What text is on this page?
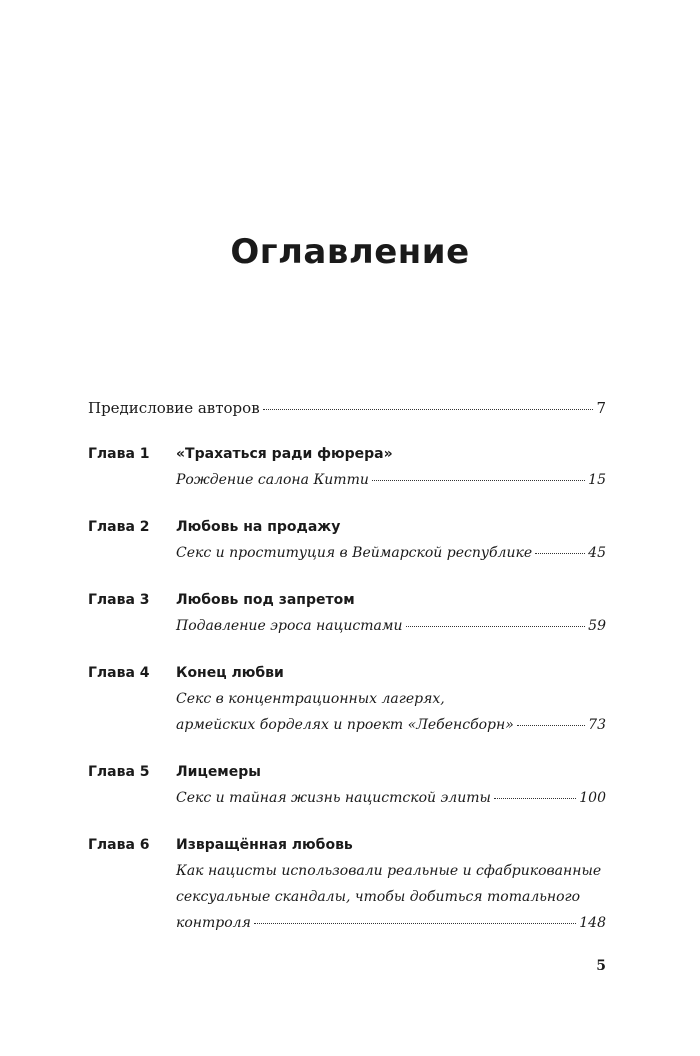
Оглавление
Предисловие авторов	7
Глава 1	«Трахаться ради фюрера»
Рождение салона Китти	15
Глава 2	Любовь на продажу
Секс и проституция в Веймарской республике	45
Глава 3	Любовь под запретом
Подавление эроса нацистами	59
Глава 4	Конец любви
Секс в концентрационных лагерях,
армейских борделях и проект «Лебенсборн»	73
Глава 5	Лицемеры
Секс и тайная жизнь нацистской элиты	100
Глава 6	Извращённая любовь
Как нацисты использовали реальные и сфабрикованные
сексуальные скандалы, чтобы добиться тотального
контроля	148
5
